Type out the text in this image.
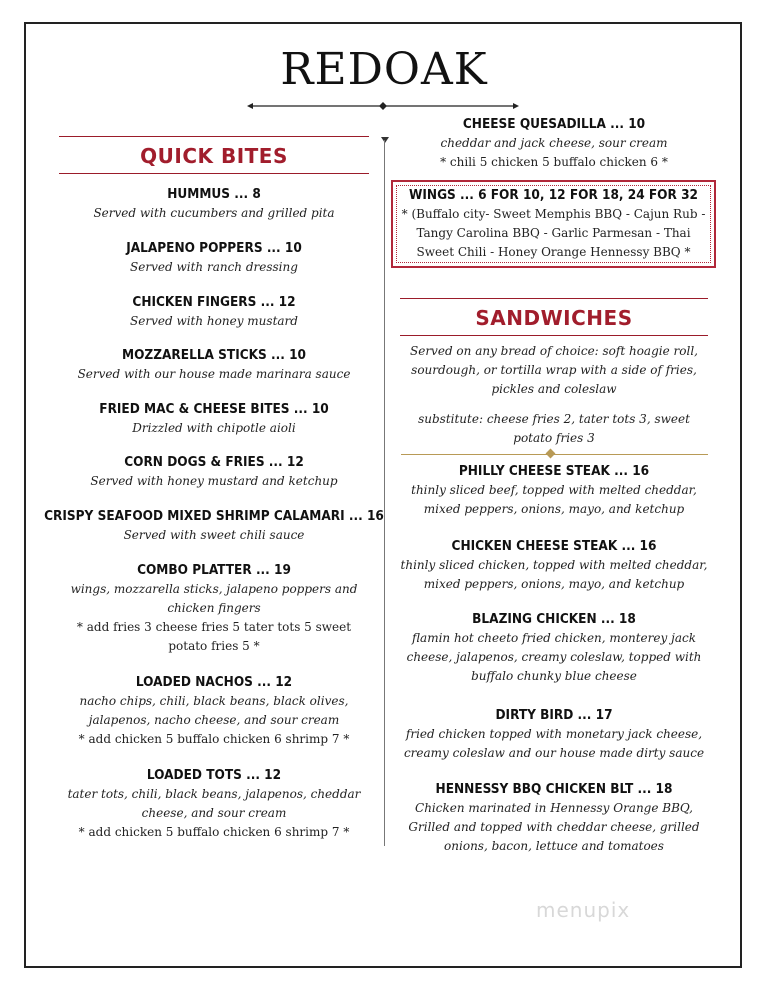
REDOAK
QUICK BITES
HUMMUS ... 8
Served with cucumbers and grilled pita
JALAPENO POPPERS ... 10
Served with ranch dressing
CHICKEN FINGERS ... 12
Served with honey mustard
MOZZARELLA STICKS ... 10
Served with our house made marinara sauce
FRIED MAC & CHEESE BITES ... 10
Drizzled with chipotle aioli
CORN DOGS & FRIES ... 12
Served with honey mustard and ketchup
CRISPY SEAFOOD MIXED SHRIMP CALAMARI ... 16
Served with sweet chili sauce
COMBO PLATTER ... 19
wings, mozzarella sticks, jalapeno poppers and chicken fingers
* add fries 3 cheese fries 5 tater tots 5 sweet potato fries 5 *
LOADED NACHOS ... 12
nacho chips, chili, black beans, black olives, jalapenos, nacho cheese, and sour cream
* add chicken 5 buffalo chicken 6 shrimp 7 *
LOADED TOTS ... 12
tater tots, chili, black beans, jalapenos, cheddar cheese, and sour cream
* add chicken 5 buffalo chicken 6 shrimp 7 *
CHEESE QUESADILLA ... 10
cheddar and jack cheese, sour cream
* chili 5 chicken 5 buffalo chicken 6 *
WINGS ... 6 FOR 10, 12 FOR 18, 24 FOR 32
* (Buffalo city- Sweet Memphis BBQ - Cajun Rub - Tangy Carolina BBQ - Garlic Parmesan - Thai Sweet Chili - Honey Orange Hennessy BBQ *
SANDWICHES
Served on any bread of choice: soft hoagie roll, sourdough, or tortilla wrap with a side of fries, pickles and coleslaw
substitute: cheese fries 2, tater tots 3, sweet potato fries 3
PHILLY CHEESE STEAK ... 16
thinly sliced beef, topped with melted cheddar, mixed peppers, onions, mayo, and ketchup
CHICKEN CHEESE STEAK ... 16
thinly sliced chicken, topped with melted cheddar, mixed peppers, onions, mayo, and ketchup
BLAZING CHICKEN ... 18
flamin hot cheeto fried chicken, monterey jack cheese, jalapenos, creamy coleslaw, topped with buffalo chunky blue cheese
DIRTY BIRD ... 17
fried chicken topped with monetary jack cheese, creamy coleslaw and our house made dirty sauce
HENNESSY BBQ CHICKEN BLT ... 18
Chicken marinated in Hennessy Orange BBQ, Grilled and topped with cheddar cheese, grilled onions, bacon, lettuce and tomatoes
menupix
